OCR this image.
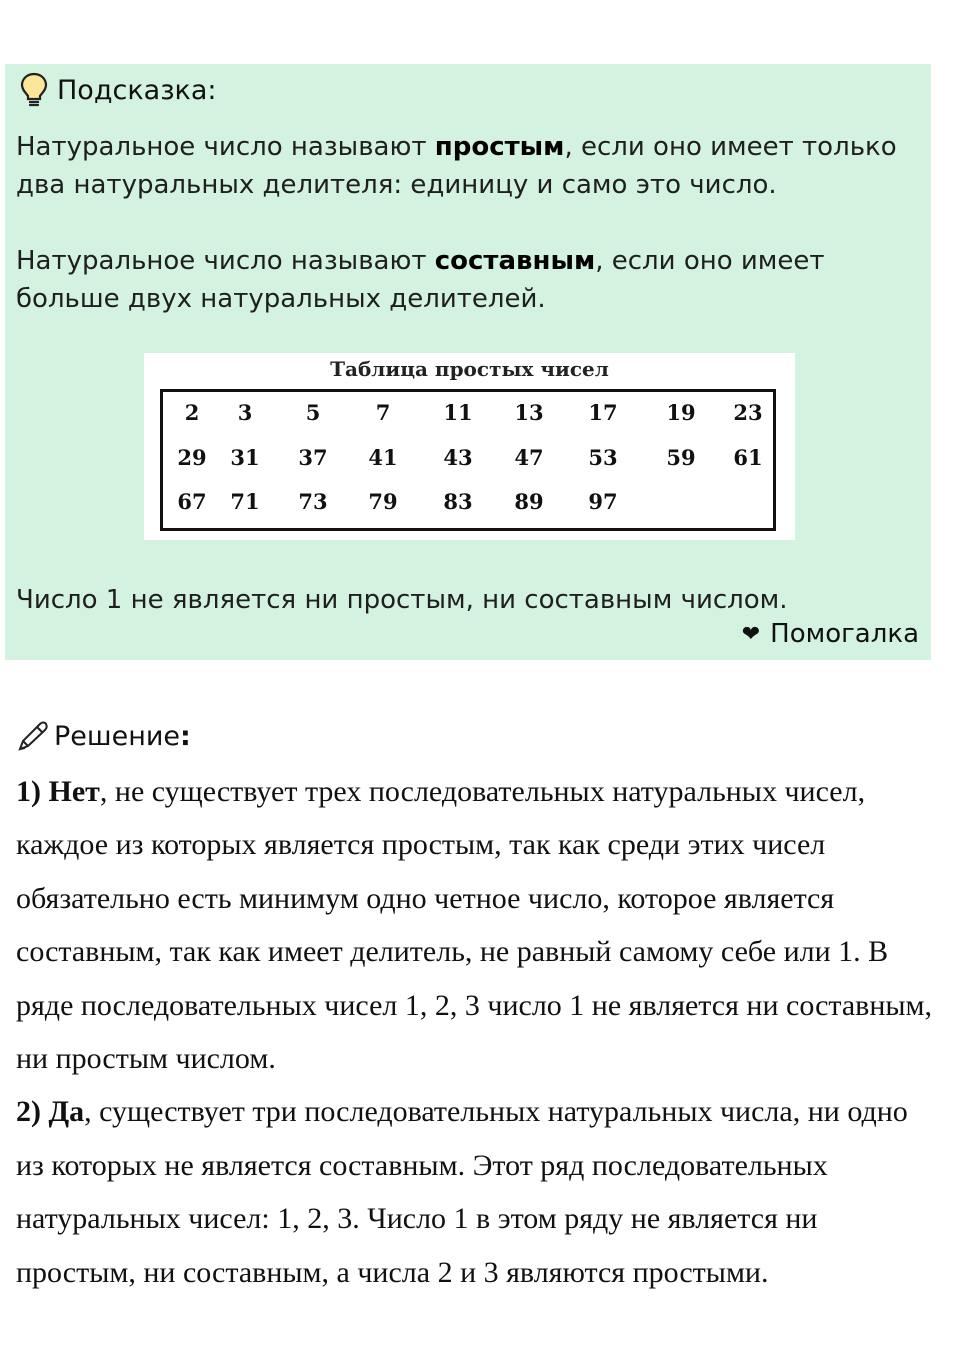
Подсказка:
Натуральное число называют простым, если оно имеет только два натуральных делителя: единицу и само это число.
Натуральное число называют составным, если оно имеет больше двух натуральных делителей.
Таблица простых чисел
2	3	5	7	11	13	17	19	23
29	31	37	41	43	47	53	59	61
67	71	73	79	83	89	97
Число 1 не является ни простым, ни составным числом.
❤ Помогалка
Решение:

1) Нет, не существует трех последовательных натуральных чисел, каждое из которых является простым, так как среди этих чисел обязательно есть минимум одно четное число, которое является составным, так как имеет делитель, не равный самому себе или 1. В ряде последовательных чисел 1, 2, 3 число 1 не является ни составным, ни простым числом.

2) Да, существует три последовательных натуральных числа, ни одно из которых не является составным. Этот ряд последовательных натуральных чисел: 1, 2, 3. Число 1 в этом ряду не является ни простым, ни составным, а числа 2 и 3 являются простыми.
